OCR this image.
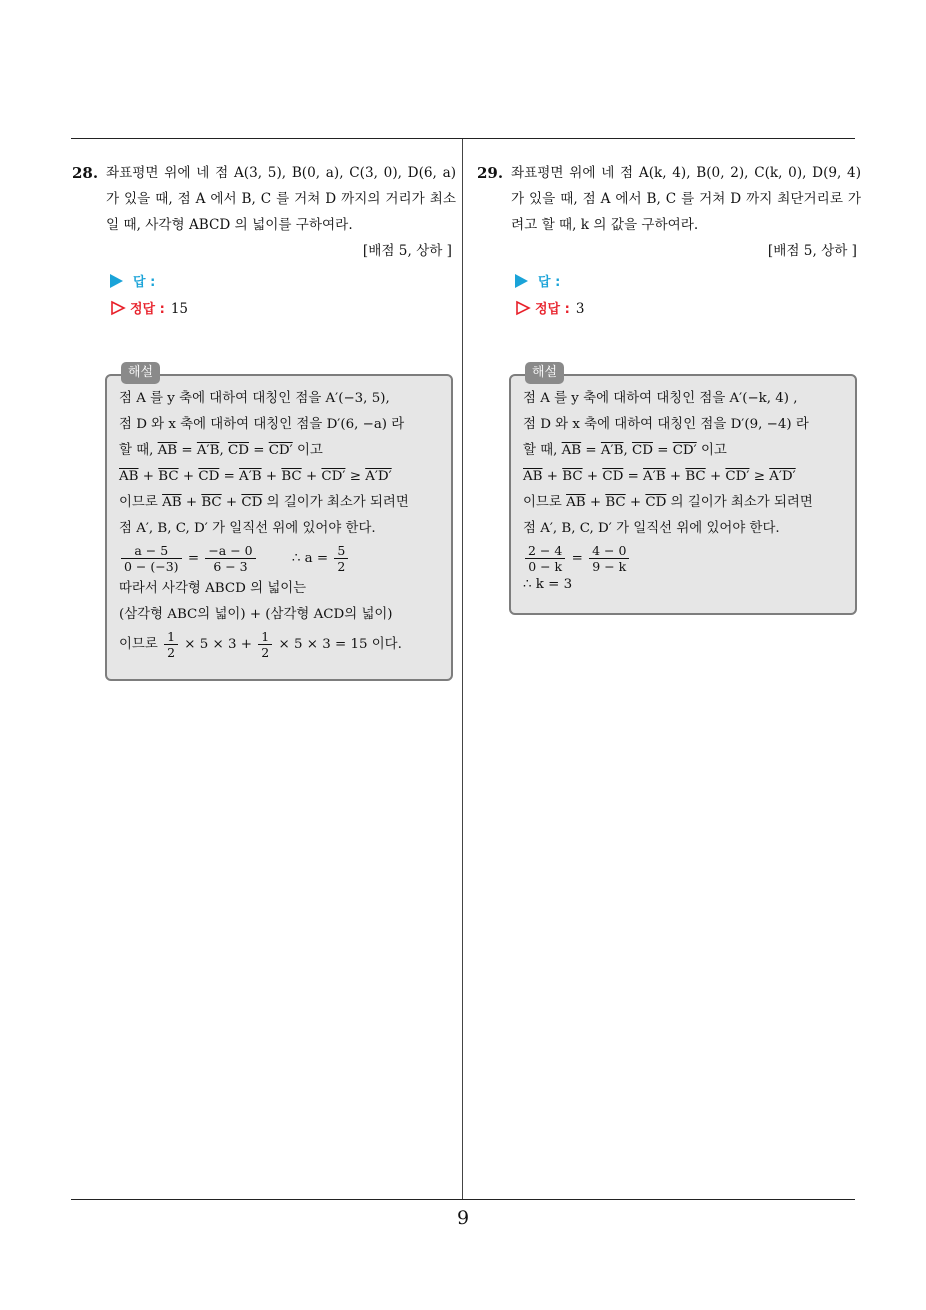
28. 좌표평면 위에 네 점 A(3, 5), B(0, a), C(3, 0), D(6, a) 가 있을 때, 점 A 에서 B, C 를 거쳐 D 까지의 거리가 최소일 때, 사각형 ABCD 의 넓이를 구하여라.
[배점 5, 상하 ]
답 :
정답 : 15
해설
점 A 를 y 축에 대하여 대칭인 점을 A′(−3, 5),
점 D 와 x 축에 대하여 대칭인 점을 D′(6, −a) 라
할 때, $\overline{AB} = A'B$, $\overline{CD} = CD'$ 이고
$\overline{AB} + \overline{BC} + \overline{CD} = A'B + \overline{BC} + CD' \ge A'D'$
이므로 $\overline{AB} + \overline{BC} + \overline{CD}$ 의 길이가 최소가 되려면
점 A′, B, C, D′ 가 일직선 위에 있어야 한다.
$\frac{a - 5}{0 - (-3)} = \frac{-a - 0}{6 - 3}$	∴ $a = \frac{5}{2}$
따라서 사각형 ABCD 의 넓이는
(삼각형 ABC의 넓이) + (삼각형 ACD의 넓이)
이므로 $\frac{1}{2} \times 5 \times 3 + \frac{1}{2} \times 5 \times 3 = 15$ 이다.
29. 좌표평면 위에 네 점 A(k, 4), B(0, 2), C(k, 0), D(9, 4) 가 있을 때, 점 A 에서 B, C 를 거쳐 D 까지 최단거리로 가려고 할 때, k 의 값을 구하여라.
[배점 5, 상하 ]
답 :
정답 : 3
해설
점 A 를 y 축에 대하여 대칭인 점을 A′(−k, 4) ,
점 D 와 x 축에 대하여 대칭인 점을 D′(9, −4) 라
할 때, $\overline{AB} = A'B$, $\overline{CD} = CD'$ 이고
$\overline{AB} + \overline{BC} + \overline{CD} = A'B + \overline{BC} + CD' \ge A'D'$
이므로 $\overline{AB} + \overline{BC} + \overline{CD}$ 의 길이가 최소가 되려면
점 A′, B, C, D′ 가 일직선 위에 있어야 한다.
$\frac{2 - 4}{0 - k} = \frac{4 - 0}{9 - k}$
∴ k = 3
9
